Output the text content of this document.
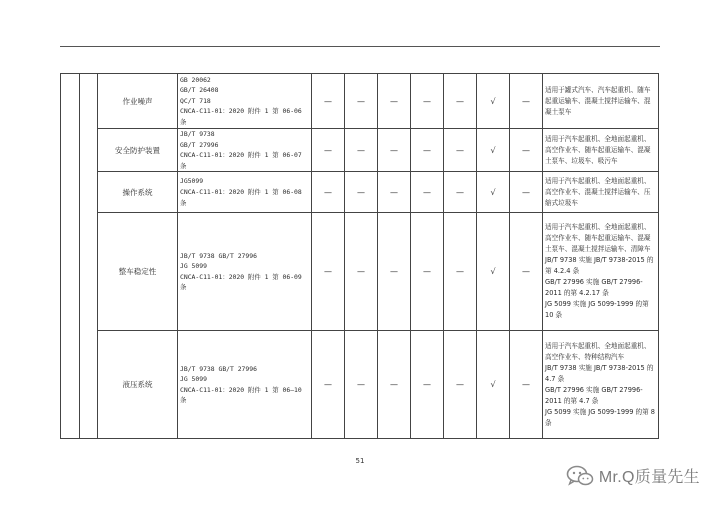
		作业噪声	GB 20062
GB/T 26408
QC/T 718
CNCA-C11-01：2020 附件 1 第 06-06 条	—	—	—	—	—	√	—	适用于罐式汽车、汽车起重机、随车起重运输车、混凝土搅拌运输车、混凝土泵车
		安全防护装置	JB/T 9738
GB/T 27996
CNCA-C11-01：2020 附件 1 第 06-07 条	—	—	—	—	—	√	—	适用于汽车起重机、全地面起重机、高空作业车、随车起重运输车、混凝土泵车、垃圾车、吸污车
		操作系统	JG5099
CNCA-C11-01：2020 附件 1 第 06-08 条	—	—	—	—	—	√	—	适用于汽车起重机、全地面起重机、高空作业车、混凝土搅拌运输车、压缩式垃圾车
		整车稳定性	JB/T 9738 GB/T 27996
JG 5099
CNCA-C11-01：2020 附件 1 第 06-09 条	—	—	—	—	—	√	—	适用于汽车起重机、全地面起重机、高空作业车、随车起重运输车、混凝土泵车、混凝土搅拌运输车、清障车
JB/T 9738 实施 JB/T 9738-2015 的第 4.2.4 条
GB/T 27996 实施 GB/T 27996-2011 的第 4.2.17 条
JG 5099 实施 JG 5099-1999 的第 10 条
		液压系统	JB/T 9738 GB/T 27996
JG 5099
CNCA-C11-01：2020 附件 1 第 06—10 条	—	—	—	—	—	√	—	适用于汽车起重机、全地面起重机、高空作业车、特种结构汽车
JB/T 9738 实施 JB/T 9738-2015 的 4.7 条
GB/T 27996 实施 GB/T 27996-2011 的第 4.7 条
JG 5099 实施 JG 5099-1999 的第 8 条
51
Mr.Q质量先生
